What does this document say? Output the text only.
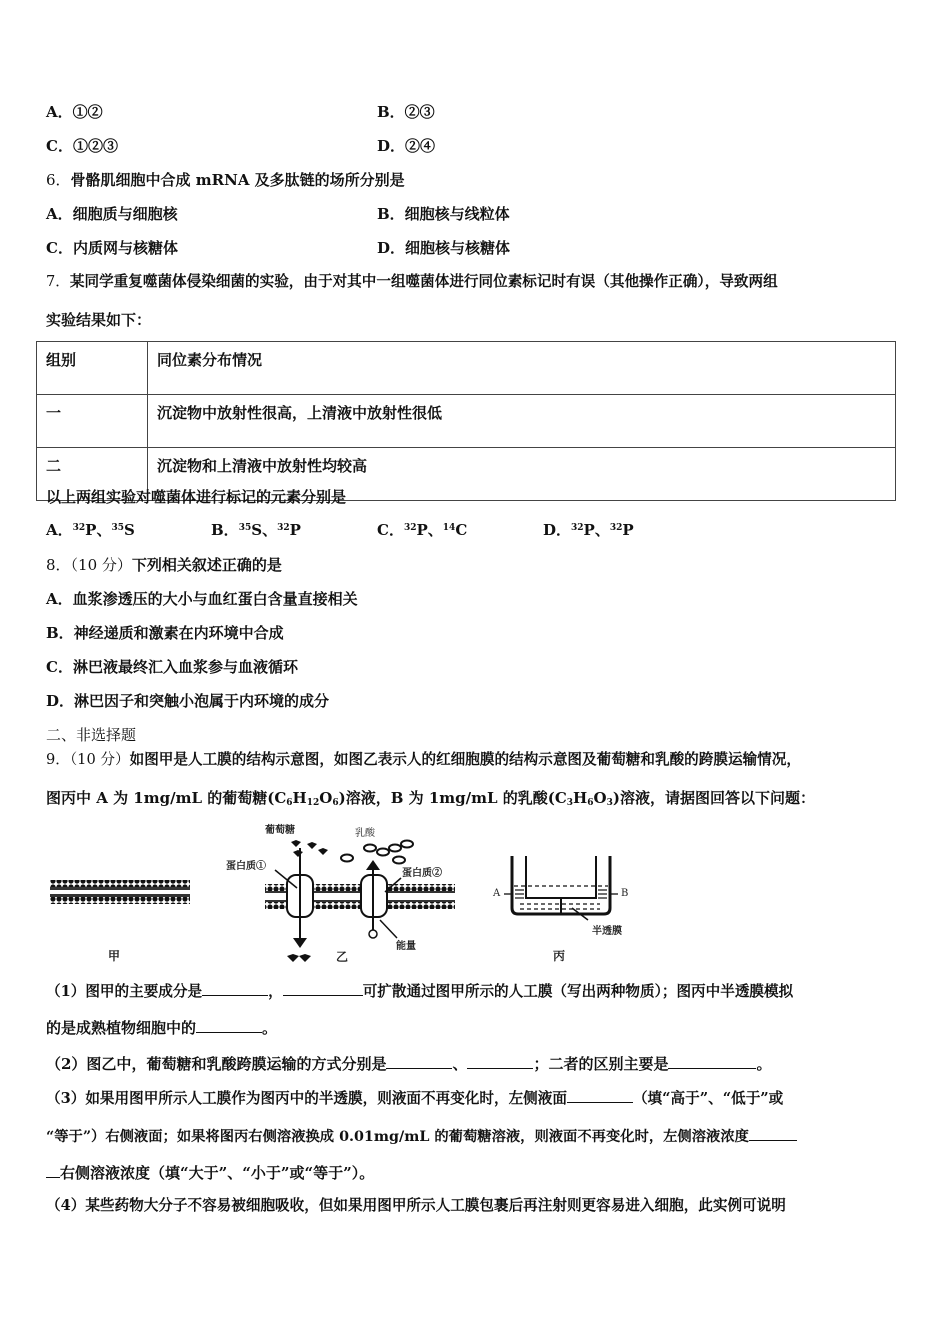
A．①②	B．②③
C．①②③	D．②④
6．骨骼肌细胞中合成 mRNA 及多肽链的场所分别是
A．细胞质与细胞核	B．细胞核与线粒体
C．内质网与核糖体	D．细胞核与核糖体
7．某同学重复噬菌体侵染细菌的实验，由于对其中一组噬菌体进行同位素标记时有误（其他操作正确），导致两组
实验结果如下：
组别	同位素分布情况
一	沉淀物中放射性很高，上清液中放射性很低
二	沉淀物和上清液中放射性均较高
以上两组实验对噬菌体进行标记的元素分别是
A．$^{32}$P、$^{35}$S	B．$^{35}$S、$^{32}$P	C．$^{32}$P、$^{14}$C	D．$^{32}$P、$^{32}$P
8．（10 分）下列相关叙述正确的是
A．血浆渗透压的大小与血红蛋白含量直接相关
B．神经递质和激素在内环境中合成
C．淋巴液最终汇入血浆参与血液循环
D．淋巴因子和突触小泡属于内环境的成分
二、非选择题
9．（10 分）如图甲是人工膜的结构示意图，如图乙表示人的红细胞膜的结构示意图及葡萄糖和乳酸的跨膜运输情况，
图丙中 A 为 1mg/mL 的葡萄糖$(C_6H_{12}O_6)$溶液，B 为 1mg/mL 的乳酸$(C_3H_6O_3)$溶液，请据图回答以下问题：
甲
葡萄糖	乳酸
蛋白质①
蛋白质②
能量
乙
A	B
半透膜
丙
（1）图甲的主要成分是	，	可扩散通过图甲所示的人工膜（写出两种物质）；图丙中半透膜模拟
的是成熟植物细胞中的	。
（2）图乙中，葡萄糖和乳酸跨膜运输的方式分别是	、	；二者的区别主要是	。
（3）如果用图甲所示人工膜作为图丙中的半透膜，则液面不再变化时，左侧液面	（填“高于”、“低于”或
“等于”）右侧液面；如果将图丙右侧溶液换成 0.01mg/mL 的葡萄糖溶液，则液面不再变化时，左侧溶液浓度
右侧溶液浓度（填“大于”、“小于”或“等于”）。
（4）某些药物大分子不容易被细胞吸收，但如果用图甲所示人工膜包裹后再注射则更容易进入细胞，此实例可说明
